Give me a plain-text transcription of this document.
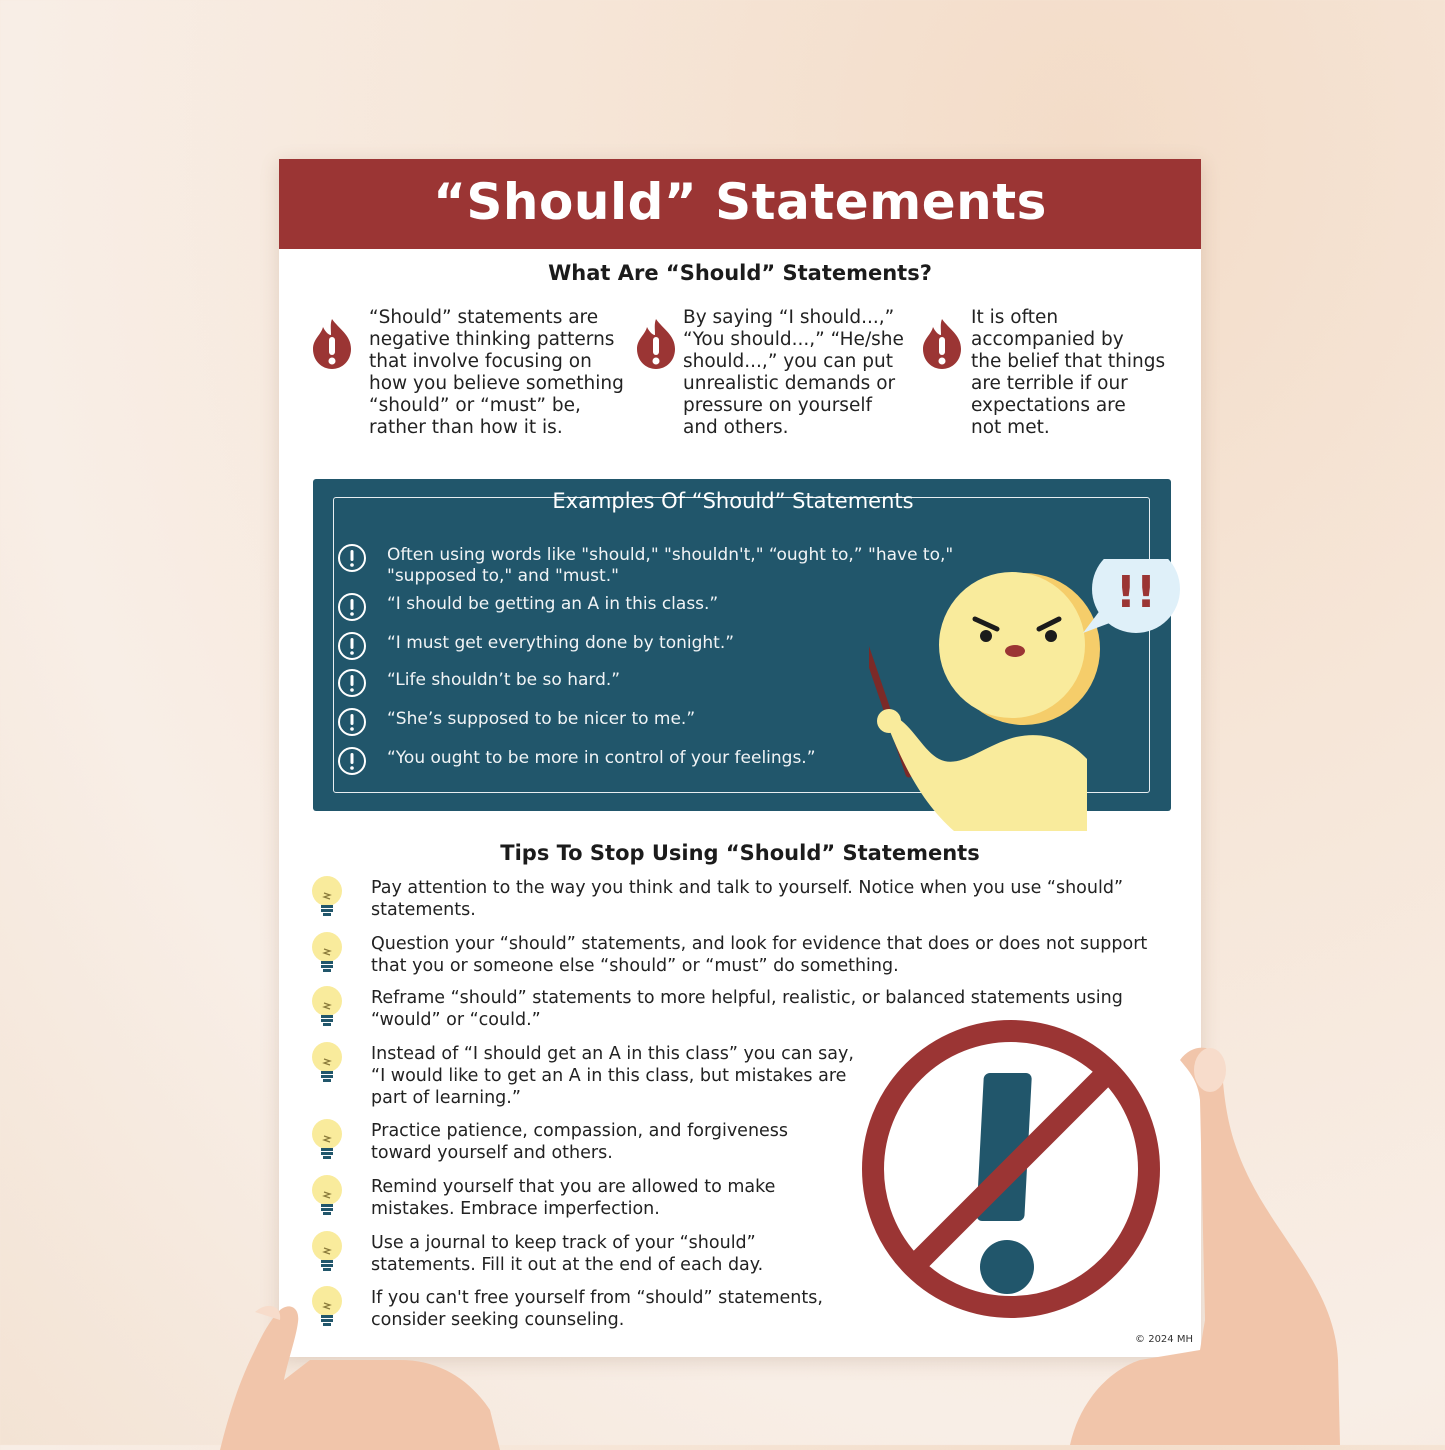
“Should” Statements
What Are “Should” Statements?
“Should” statements are
negative thinking patterns
that involve focusing on
how you believe something
“should” or “must” be,
rather than how it is.
By saying “I should...,”
“You should...,” “He/she
should...,” you can put
unrealistic demands or
pressure on yourself
and others.
It is often
accompanied by
the belief that things
are terrible if our
expectations are
not met.
Examples Of “Should” Statements
Often using words like "should," "shouldn't," “ought to,” "have to,"
"supposed to," and "must."
“I should be getting an A in this class.”
“I must get everything done by tonight.”
“Life shouldn’t be so hard.”
“She’s supposed to be nicer to me.”
“You ought to be more in control of your feelings.”
!!
Tips To Stop Using “Should” Statements
Pay attention to the way you think and talk to yourself. Notice when you use “should”
statements.
Question your “should” statements, and look for evidence that does or does not support
that you or someone else “should” or “must” do something.
Reframe “should” statements to more helpful, realistic, or balanced statements using
“would” or “could.”
Instead of “I should get an A in this class” you can say,
“I would like to get an A in this class, but mistakes are
part of learning.”
Practice patience, compassion, and forgiveness
toward yourself and others.
Remind yourself that you are allowed to make
mistakes. Embrace imperfection.
Use a journal to keep track of your “should”
statements. Fill it out at the end of each day.
If you can't free yourself from “should” statements,
consider seeking counseling.
© 2024 MH
